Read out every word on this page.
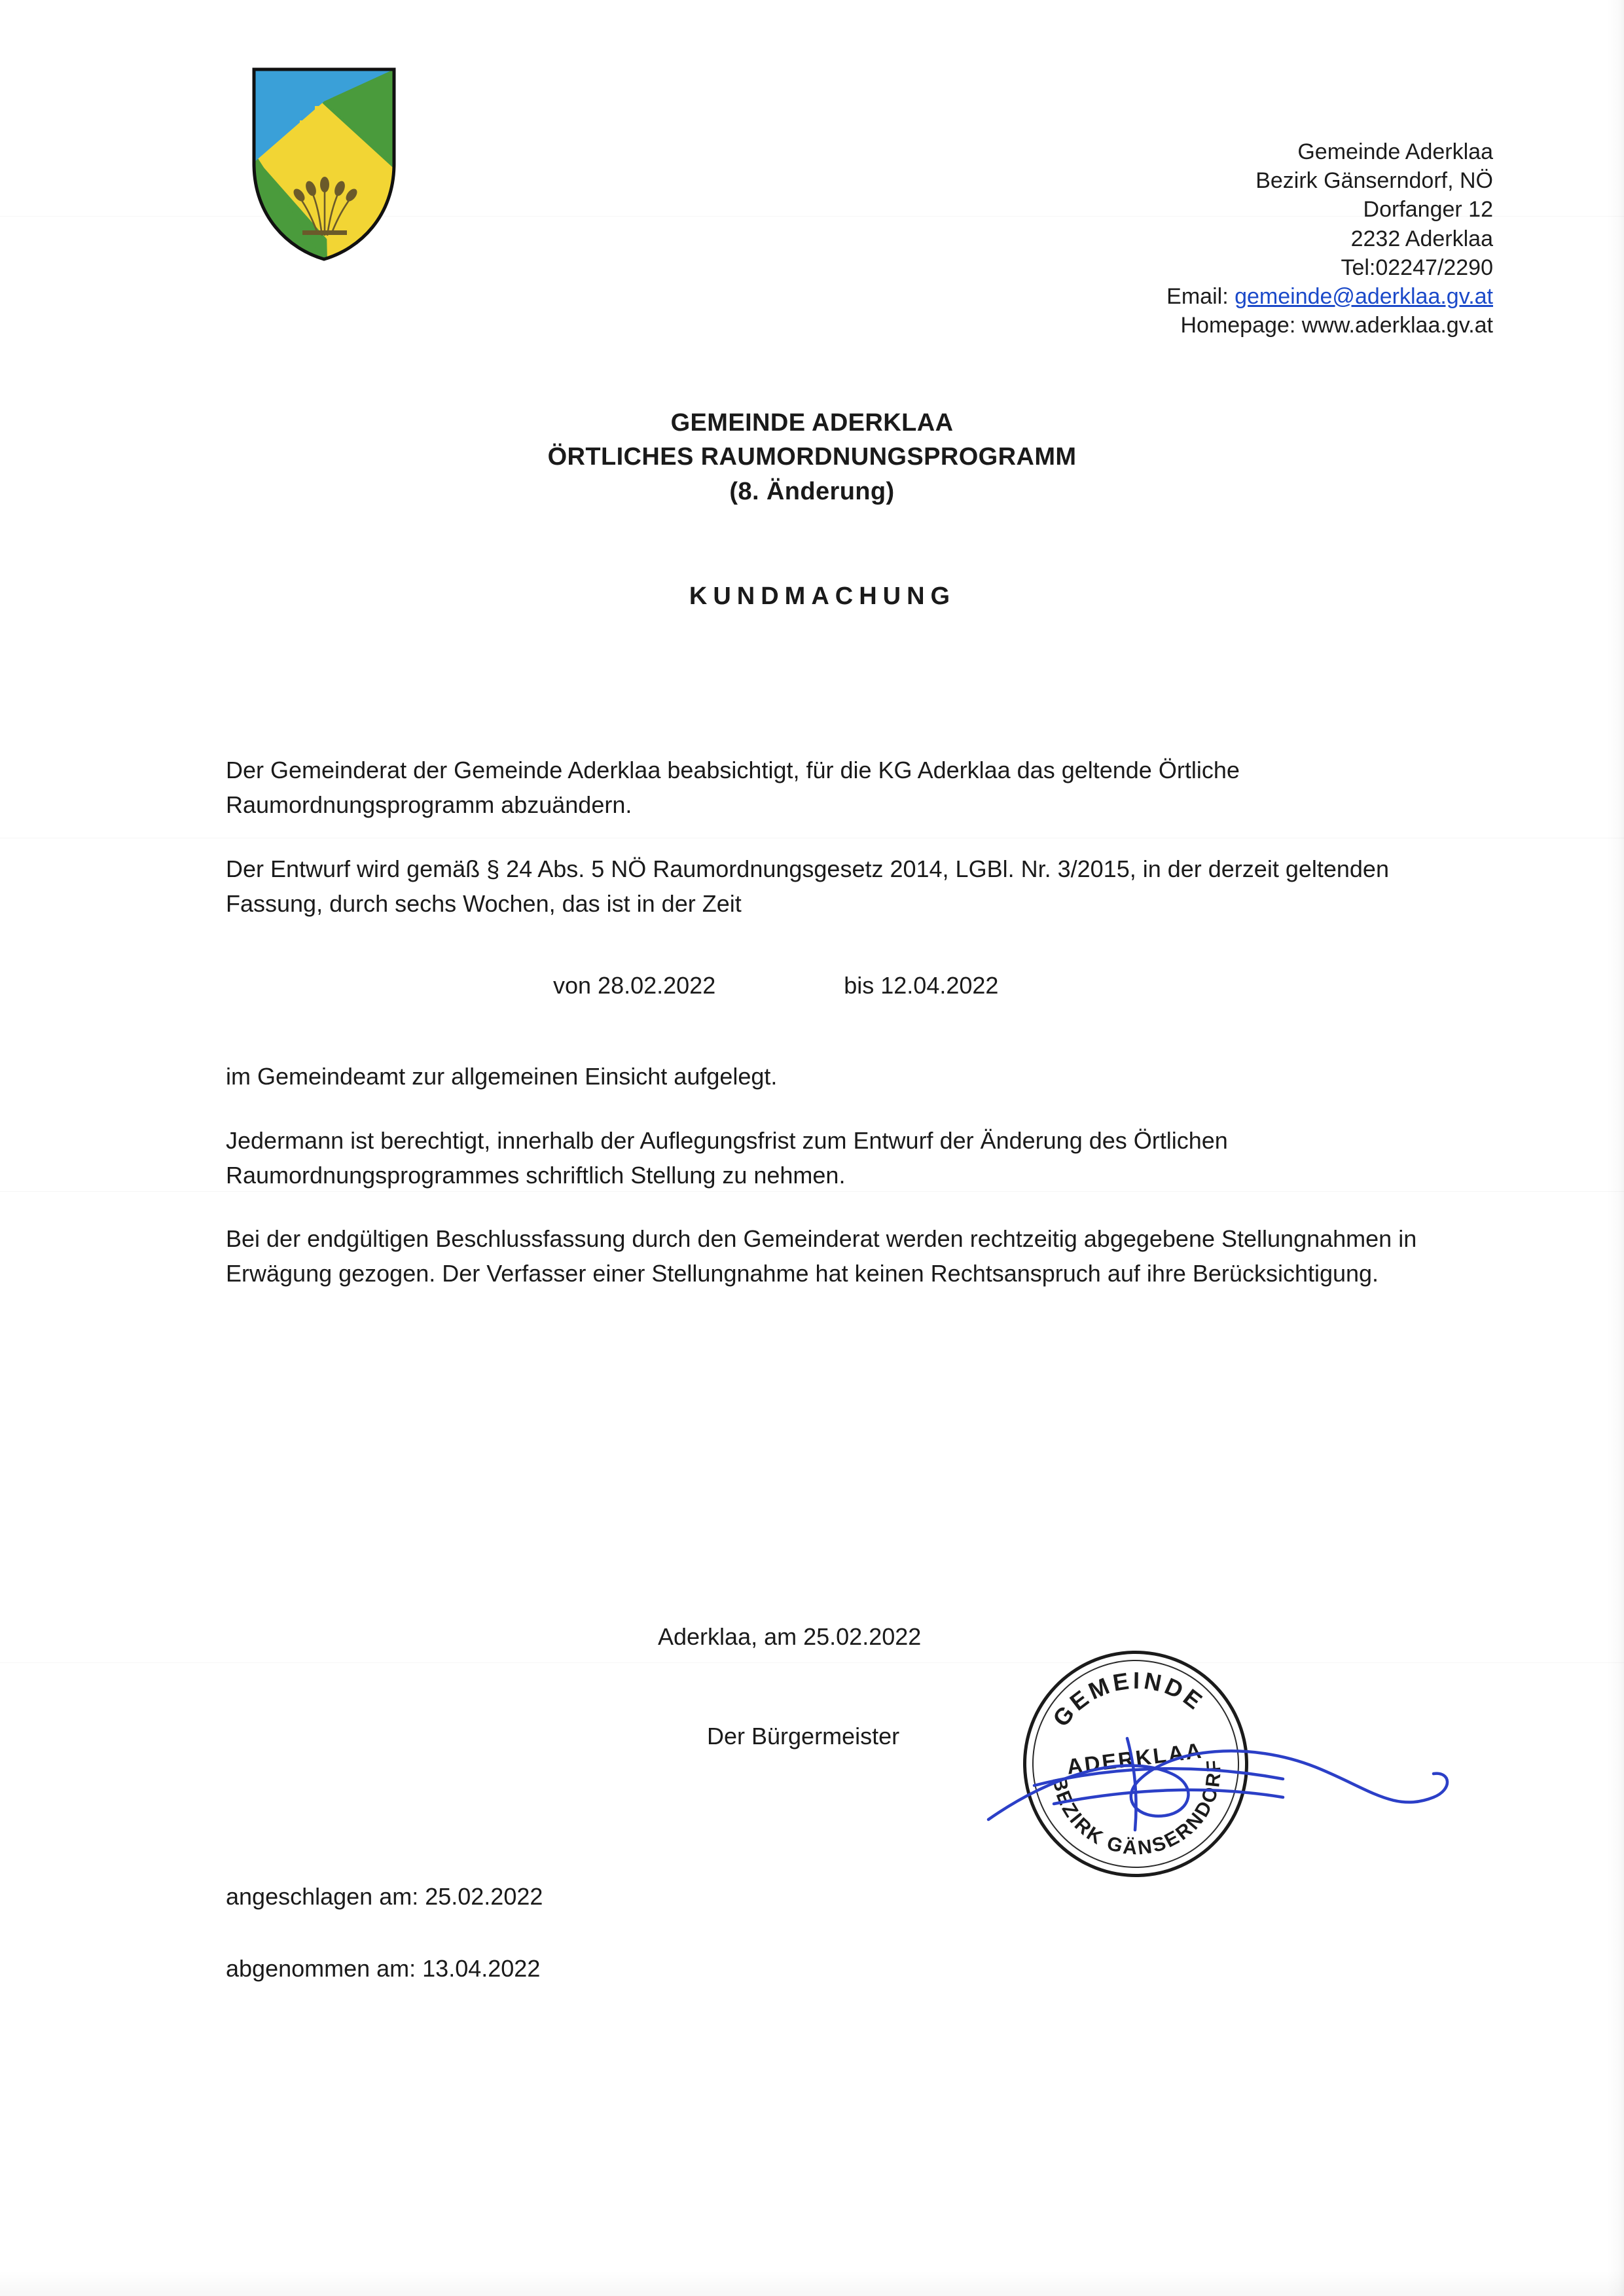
Gemeinde Aderklaa
Bezirk Gänserndorf, NÖ
Dorfanger 12
2232 Aderklaa
Tel:02247/2290
Email: gemeinde@aderklaa.gv.at
Homepage: www.aderklaa.gv.at
GEMEINDE ADERKLAA
ÖRTLICHES RAUMORDNUNGSPROGRAMM
(8. Änderung)
KUNDMACHUNG

Der Gemeinderat der Gemeinde Aderklaa beabsichtigt, für die KG Aderklaa das geltende Örtliche Raumordnungsprogramm abzuändern.

Der Entwurf wird gemäß § 24 Abs. 5 NÖ Raumordnungsgesetz 2014, LGBl. Nr. 3/2015, in der derzeit geltenden Fassung, durch sechs Wochen, das ist in der Zeit

von 28.02.2022	bis 12.04.2022

im Gemeindeamt zur allgemeinen Einsicht aufgelegt.

Jedermann ist berechtigt, innerhalb der Auflegungsfrist zum Entwurf der Änderung des Örtlichen Raumordnungsprogrammes schriftlich Stellung zu nehmen.

Bei der endgültigen Beschlussfassung durch den Gemeinderat werden rechtzeitig abgegebene Stellungnahmen in Erwägung gezogen. Der Verfasser einer Stellungnahme hat keinen Rechtsanspruch auf ihre Berücksichtigung.

Aderklaa, am 25.02.2022
Der Bürgermeister
GEMEINDE
BEZIRK GÄNSERNDORF
ADERKLAA
angeschlagen am: 25.02.2022
abgenommen am: 13.04.2022
